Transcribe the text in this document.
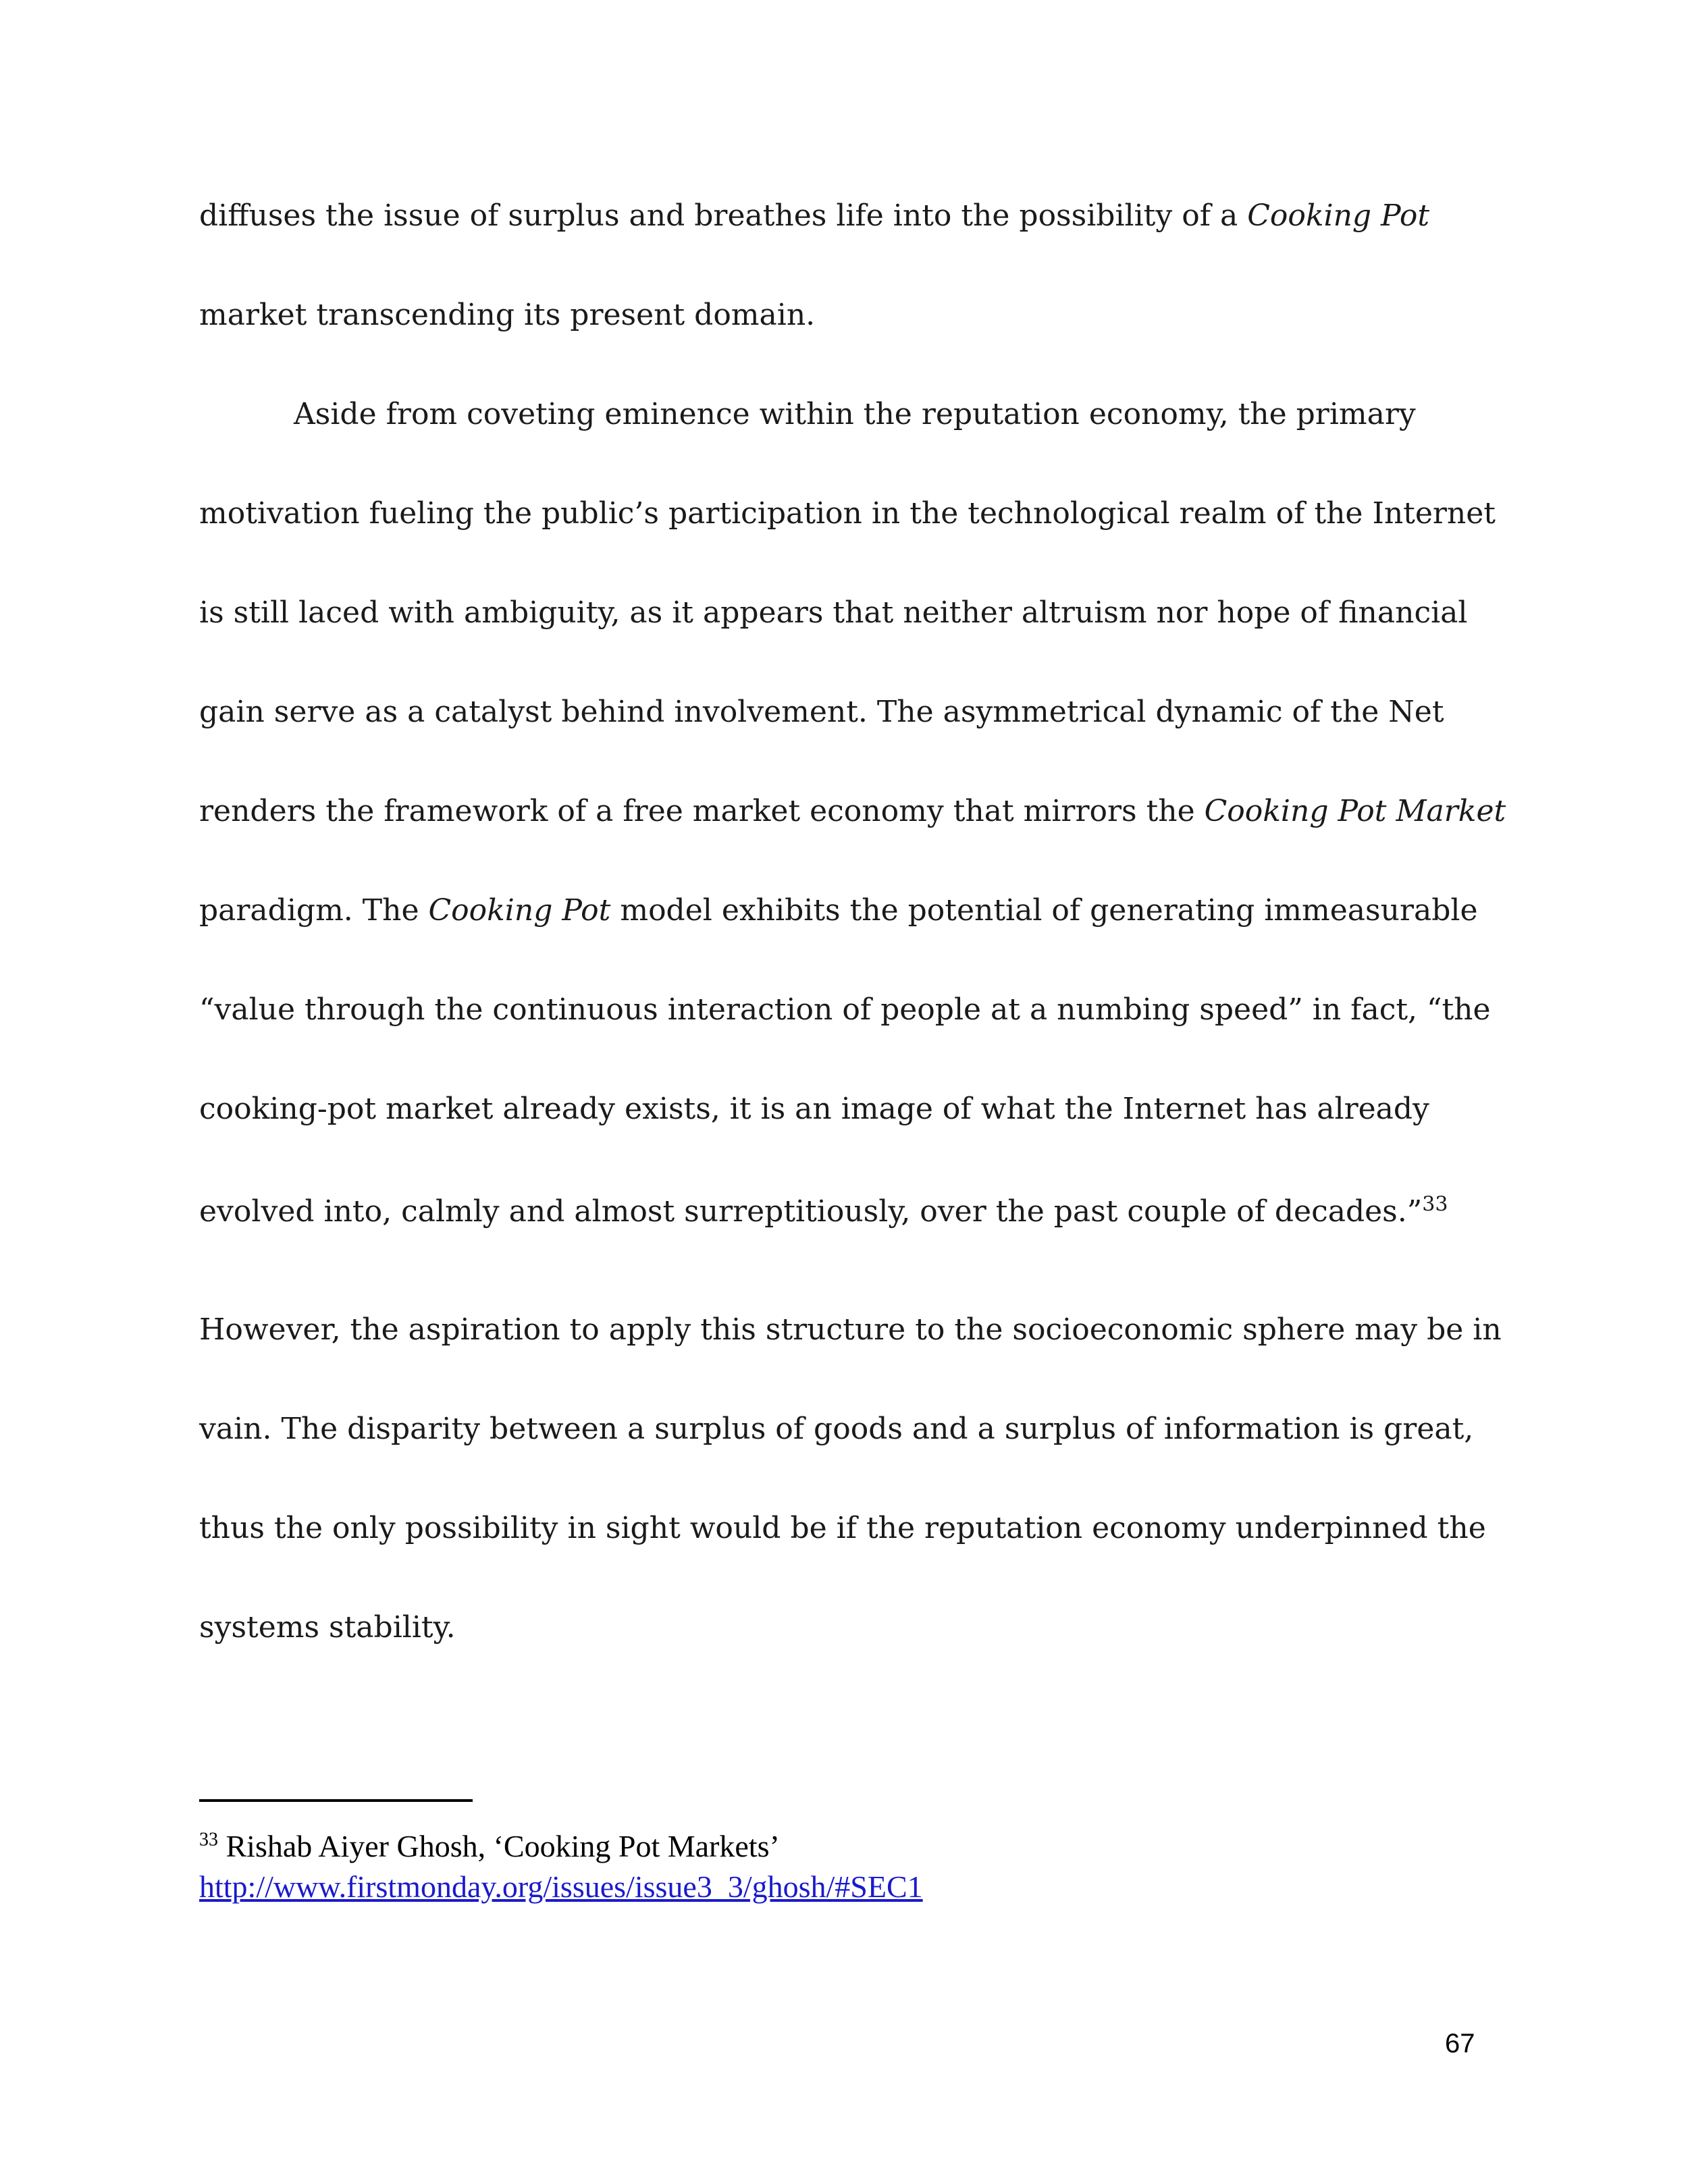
diffuses the issue of surplus and breathes life into the possibility of a Cooking Pot
market transcending its present domain.
Aside from coveting eminence within the reputation economy, the primary
motivation fueling the public’s participation in the technological realm of the Internet
is still laced with ambiguity, as it appears that neither altruism nor hope of financial
gain serve as a catalyst behind involvement. The asymmetrical dynamic of the Net
renders the framework of a free market economy that mirrors the Cooking Pot Market
paradigm. The Cooking Pot model exhibits the potential of generating immeasurable
“value through the continuous interaction of people at a numbing speed” in fact, “the
cooking-pot market already exists, it is an image of what the Internet has already
evolved into, calmly and almost surreptitiously, over the past couple of decades.”$^{33}$
However, the aspiration to apply this structure to the socioeconomic sphere may be in
vain. The disparity between a surplus of goods and a surplus of information is great,
thus the only possibility in sight would be if the reputation economy underpinned the
systems stability.
$^{33}$ Rishab Aiyer Ghosh, ‘Cooking Pot Markets’
http://www.firstmonday.org/issues/issue3_3/ghosh/#SEC1
67
